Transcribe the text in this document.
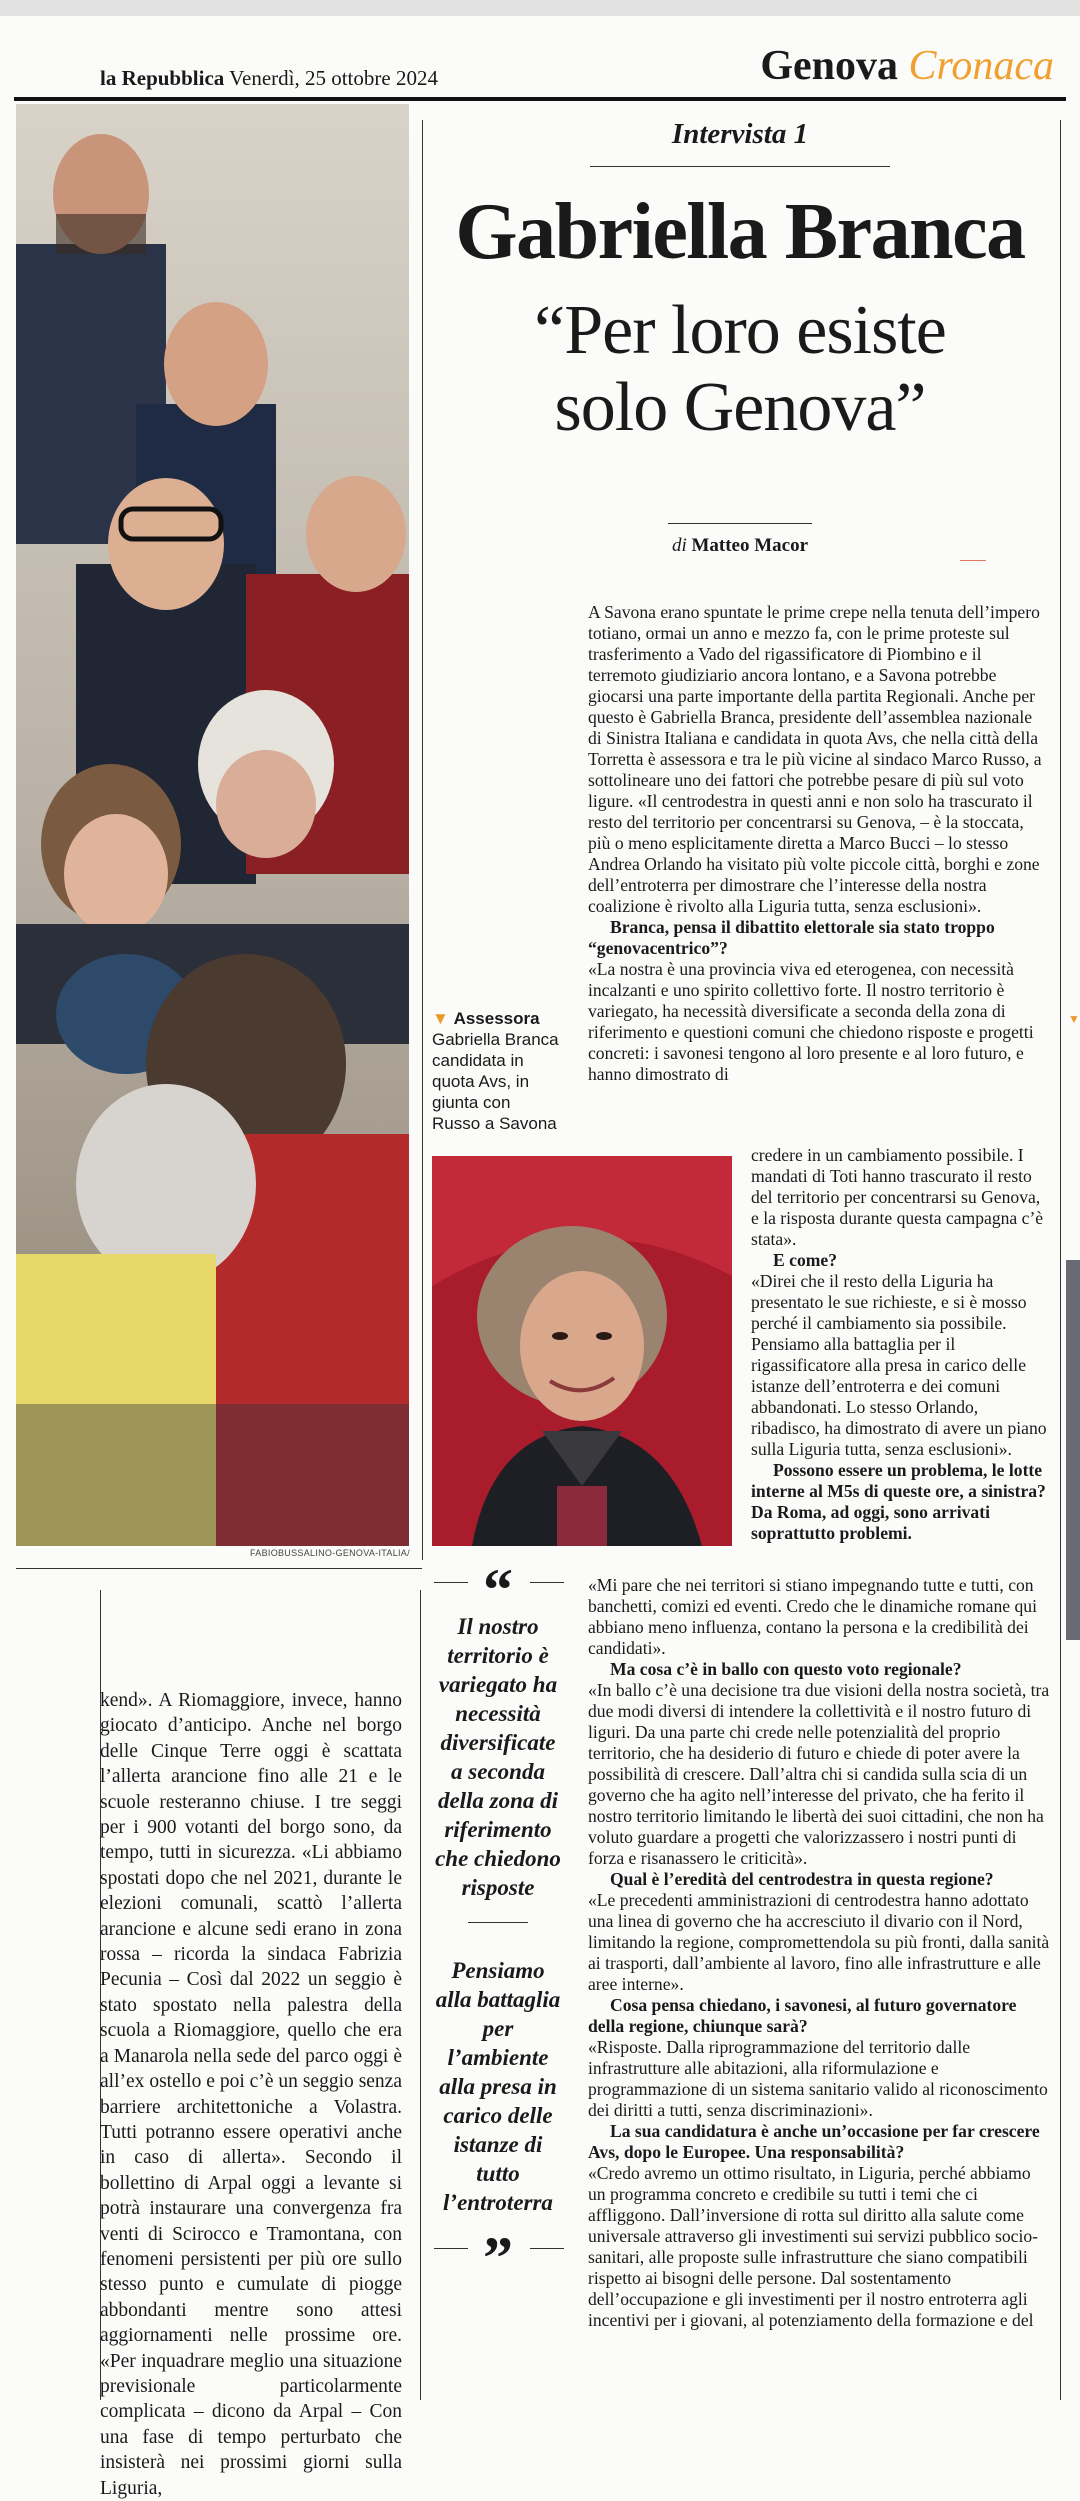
la Repubblica Venerdì, 25 ottobre 2024	Genova Cronaca
FABIOBUSSALINO-GENOVA-ITALIA/
Intervista 1
Gabriella Branca
“Per loro esiste
solo Genova”
di Matteo Macor

A Savona erano spuntate le prime crepe nella tenuta dell’impero totiano, ormai un anno e mezzo fa, con le prime proteste sul trasferimento a Vado del rigassificatore di Piombino e il terremoto giudiziario ancora lontano, e a Savona potrebbe giocarsi una parte importante della partita Regionali. Anche per questo è Gabriella Branca, presidente dell’assemblea nazionale di Sinistra Italiana e candidata in quota Avs, che nella città della Torretta è assessora e tra le più vicine al sindaco Marco Russo, a sottolineare uno dei fattori che potrebbe pesare di più sul voto ligure. «Il centrodestra in questi anni e non solo ha trascurato il resto del territorio per concentrarsi su Genova, – è la stoccata, più o meno esplicitamente diretta a Marco Bucci – lo stesso Andrea Orlando ha visitato più volte piccole città, borghi e zone dell’entroterra per dimostrare che l’interesse della nostra coalizione è rivolto alla Liguria tutta, senza esclusioni».

Branca, pensa il dibattito elettorale sia stato troppo “genovacentrico”?

«La nostra è una provincia viva ed eterogenea, con necessità incalzanti e uno spirito collettivo forte. Il nostro territorio è variegato, ha necessità diversificate a seconda della zona di riferimento e questioni comuni che chiedono risposte e progetti concreti: i savonesi tengono al loro presente e al loro futuro, e hanno dimostrato di

▼ Assessora
Gabriella Branca candidata in quota Avs, in giunta con Russo a Savona

credere in un cambiamento possibile. I mandati di Toti hanno trascurato il resto del territorio per concentrarsi su Genova, e la risposta durante questa campagna c’è stata».

E come?

«Direi che il resto della Liguria ha presentato le sue richieste, e si è mosso perché il cambiamento sia possibile. Pensiamo alla battaglia per il rigassificatore alla presa in carico delle istanze dell’entroterra e dei comuni abbandonati. Lo stesso Orlando, ribadisco, ha dimostrato di avere un piano sulla Liguria tutta, senza esclusioni».

Possono essere un problema, le lotte interne al M5s di queste ore, a sinistra? Da Roma, ad oggi, sono arrivati soprattutto problemi.

«Mi pare che nei territori si stiano impegnando tutte e tutti, con banchetti, comizi ed eventi. Credo che le dinamiche romane qui abbiano meno influenza, contano la persona e la credibilità dei candidati».

Ma cosa c’è in ballo con questo voto regionale?

«In ballo c’è una decisione tra due visioni della nostra società, tra due modi diversi di intendere la collettività e il nostro futuro di liguri. Da una parte chi crede nelle potenzialità del proprio territorio, che ha desiderio di futuro e chiede di poter avere la possibilità di crescere. Dall’altra chi si candida sulla scia di un governo che ha agito nell’interesse del privato, che ha ferito il nostro territorio limitando le libertà dei suoi cittadini, che non ha voluto guardare a progetti che valorizzassero i nostri punti di forza e risanassero le criticità».

Qual è l’eredità del centrodestra in questa regione?

«Le precedenti amministrazioni di centrodestra hanno adottato una linea di governo che ha accresciuto il divario con il Nord, limitando la regione, compromettendola su più fronti, dalla sanità ai trasporti, dall’ambiente al lavoro, fino alle infrastrutture e alle aree interne».

Cosa pensa chiedano, i savonesi, al futuro governatore della regione, chiunque sarà?

«Risposte. Dalla riprogrammazione del territorio dalle infrastrutture alle abitazioni, alla riformulazione e programmazione di un sistema sanitario valido al riconoscimento dei diritti a tutti, senza discriminazioni».

La sua candidatura è anche un’occasione per far crescere Avs, dopo le Europee. Una responsabilità?

«Credo avremo un ottimo risultato, in Liguria, perché abbiamo un programma concreto e credibile su tutti i temi che ci affliggono. Dall’inversione di rotta sul diritto alla salute come universale attraverso gli investimenti sui servizi pubblico socio-sanitari, alle proposte sulle infrastrutture che siano compatibili rispetto ai bisogni delle persone. Dal sostentamento dell’occupazione e gli investimenti per il nostro entroterra agli incentivi per i giovani, al potenziamento della formazione e del

“
Il nostro territorio è variegato ha necessità diversificate a seconda della zona di riferimento che chiedono risposte
Pensiamo alla battaglia per l’ambiente alla presa in carico delle istanze di tutto l’entroterra
”

kend». A Riomaggiore, invece, hanno giocato d’anticipo. Anche nel borgo delle Cinque Terre oggi è scattata l’allerta arancione fino alle 21 e le scuole resteranno chiuse. I tre seggi per i 900 votanti del borgo sono, da tempo, tutti in sicurezza. «Li abbiamo spostati dopo che nel 2021, durante le elezioni comunali, scattò l’allerta arancione e alcune sedi erano in zona rossa – ricorda la sindaca Fabrizia Pecunia – Così dal 2022 un seggio è stato spostato nella palestra della scuola a Riomaggiore, quello che era a Manarola nella sede del parco oggi è all’ex ostello e poi c’è un seggio senza barriere architettoniche a Volastra. Tutti potranno essere operativi anche in caso di allerta». Secondo il bollettino di Arpal oggi a levante si potrà instaurare una convergenza fra venti di Scirocco e Tramontana, con fenomeni persistenti per più ore sullo stesso punto e cumulate di piogge abbondanti mentre sono attesi aggiornamenti nelle prossime ore. «Per inquadrare meglio una situazione previsionale particolarmente complicata – dicono da Arpal – Con una fase di tempo perturbato che insisterà nei prossimi giorni sulla Liguria,

▼
